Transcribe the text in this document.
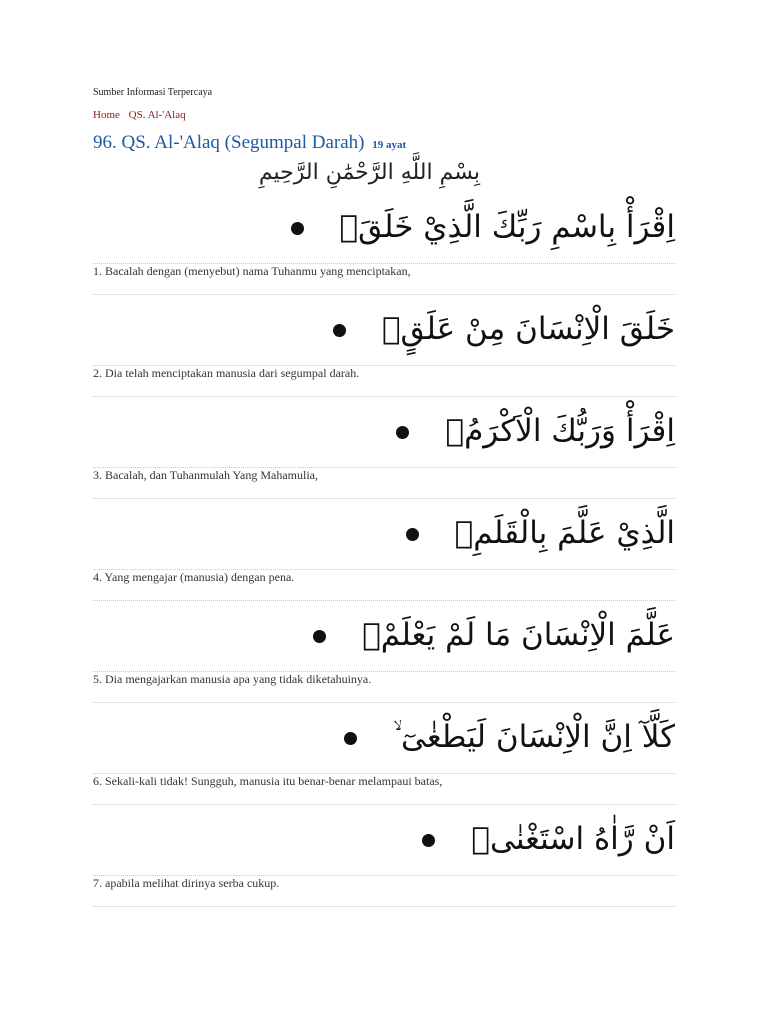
Sumber Informasi Terpercaya
Home QS. Al-'Alaq
96. QS. Al-'Alaq (Segumpal Darah) 19 ayat
بِسْمِ اللَّهِ الرَّحْمَٰنِ الرَّحِيمِ
اِقْرَأْ بِاسْمِ رَبِّكَ الَّذِيْ خَلَقَۚ
1. Bacalah dengan (menyebut) nama Tuhanmu yang menciptakan,
خَلَقَ الْاِنْسَانَ مِنْ عَلَقٍۚ
2. Dia telah menciptakan manusia dari segumpal darah.
اِقْرَأْ وَرَبُّكَ الْاَكْرَمُۙ
3. Bacalah, dan Tuhanmulah Yang Mahamulia,
الَّذِيْ عَلَّمَ بِالْقَلَمِۙ
4. Yang mengajar (manusia) dengan pena.
عَلَّمَ الْاِنْسَانَ مَا لَمْ يَعْلَمْۗ
5. Dia mengajarkan manusia apa yang tidak diketahuinya.
كَلَّآ اِنَّ الْاِنْسَانَ لَيَطْغٰىٓ ۙ
6. Sekali-kali tidak! Sungguh, manusia itu benar-benar melampaui batas,
اَنْ رَّاٰهُ اسْتَغْنٰىۗ
7. apabila melihat dirinya serba cukup.
